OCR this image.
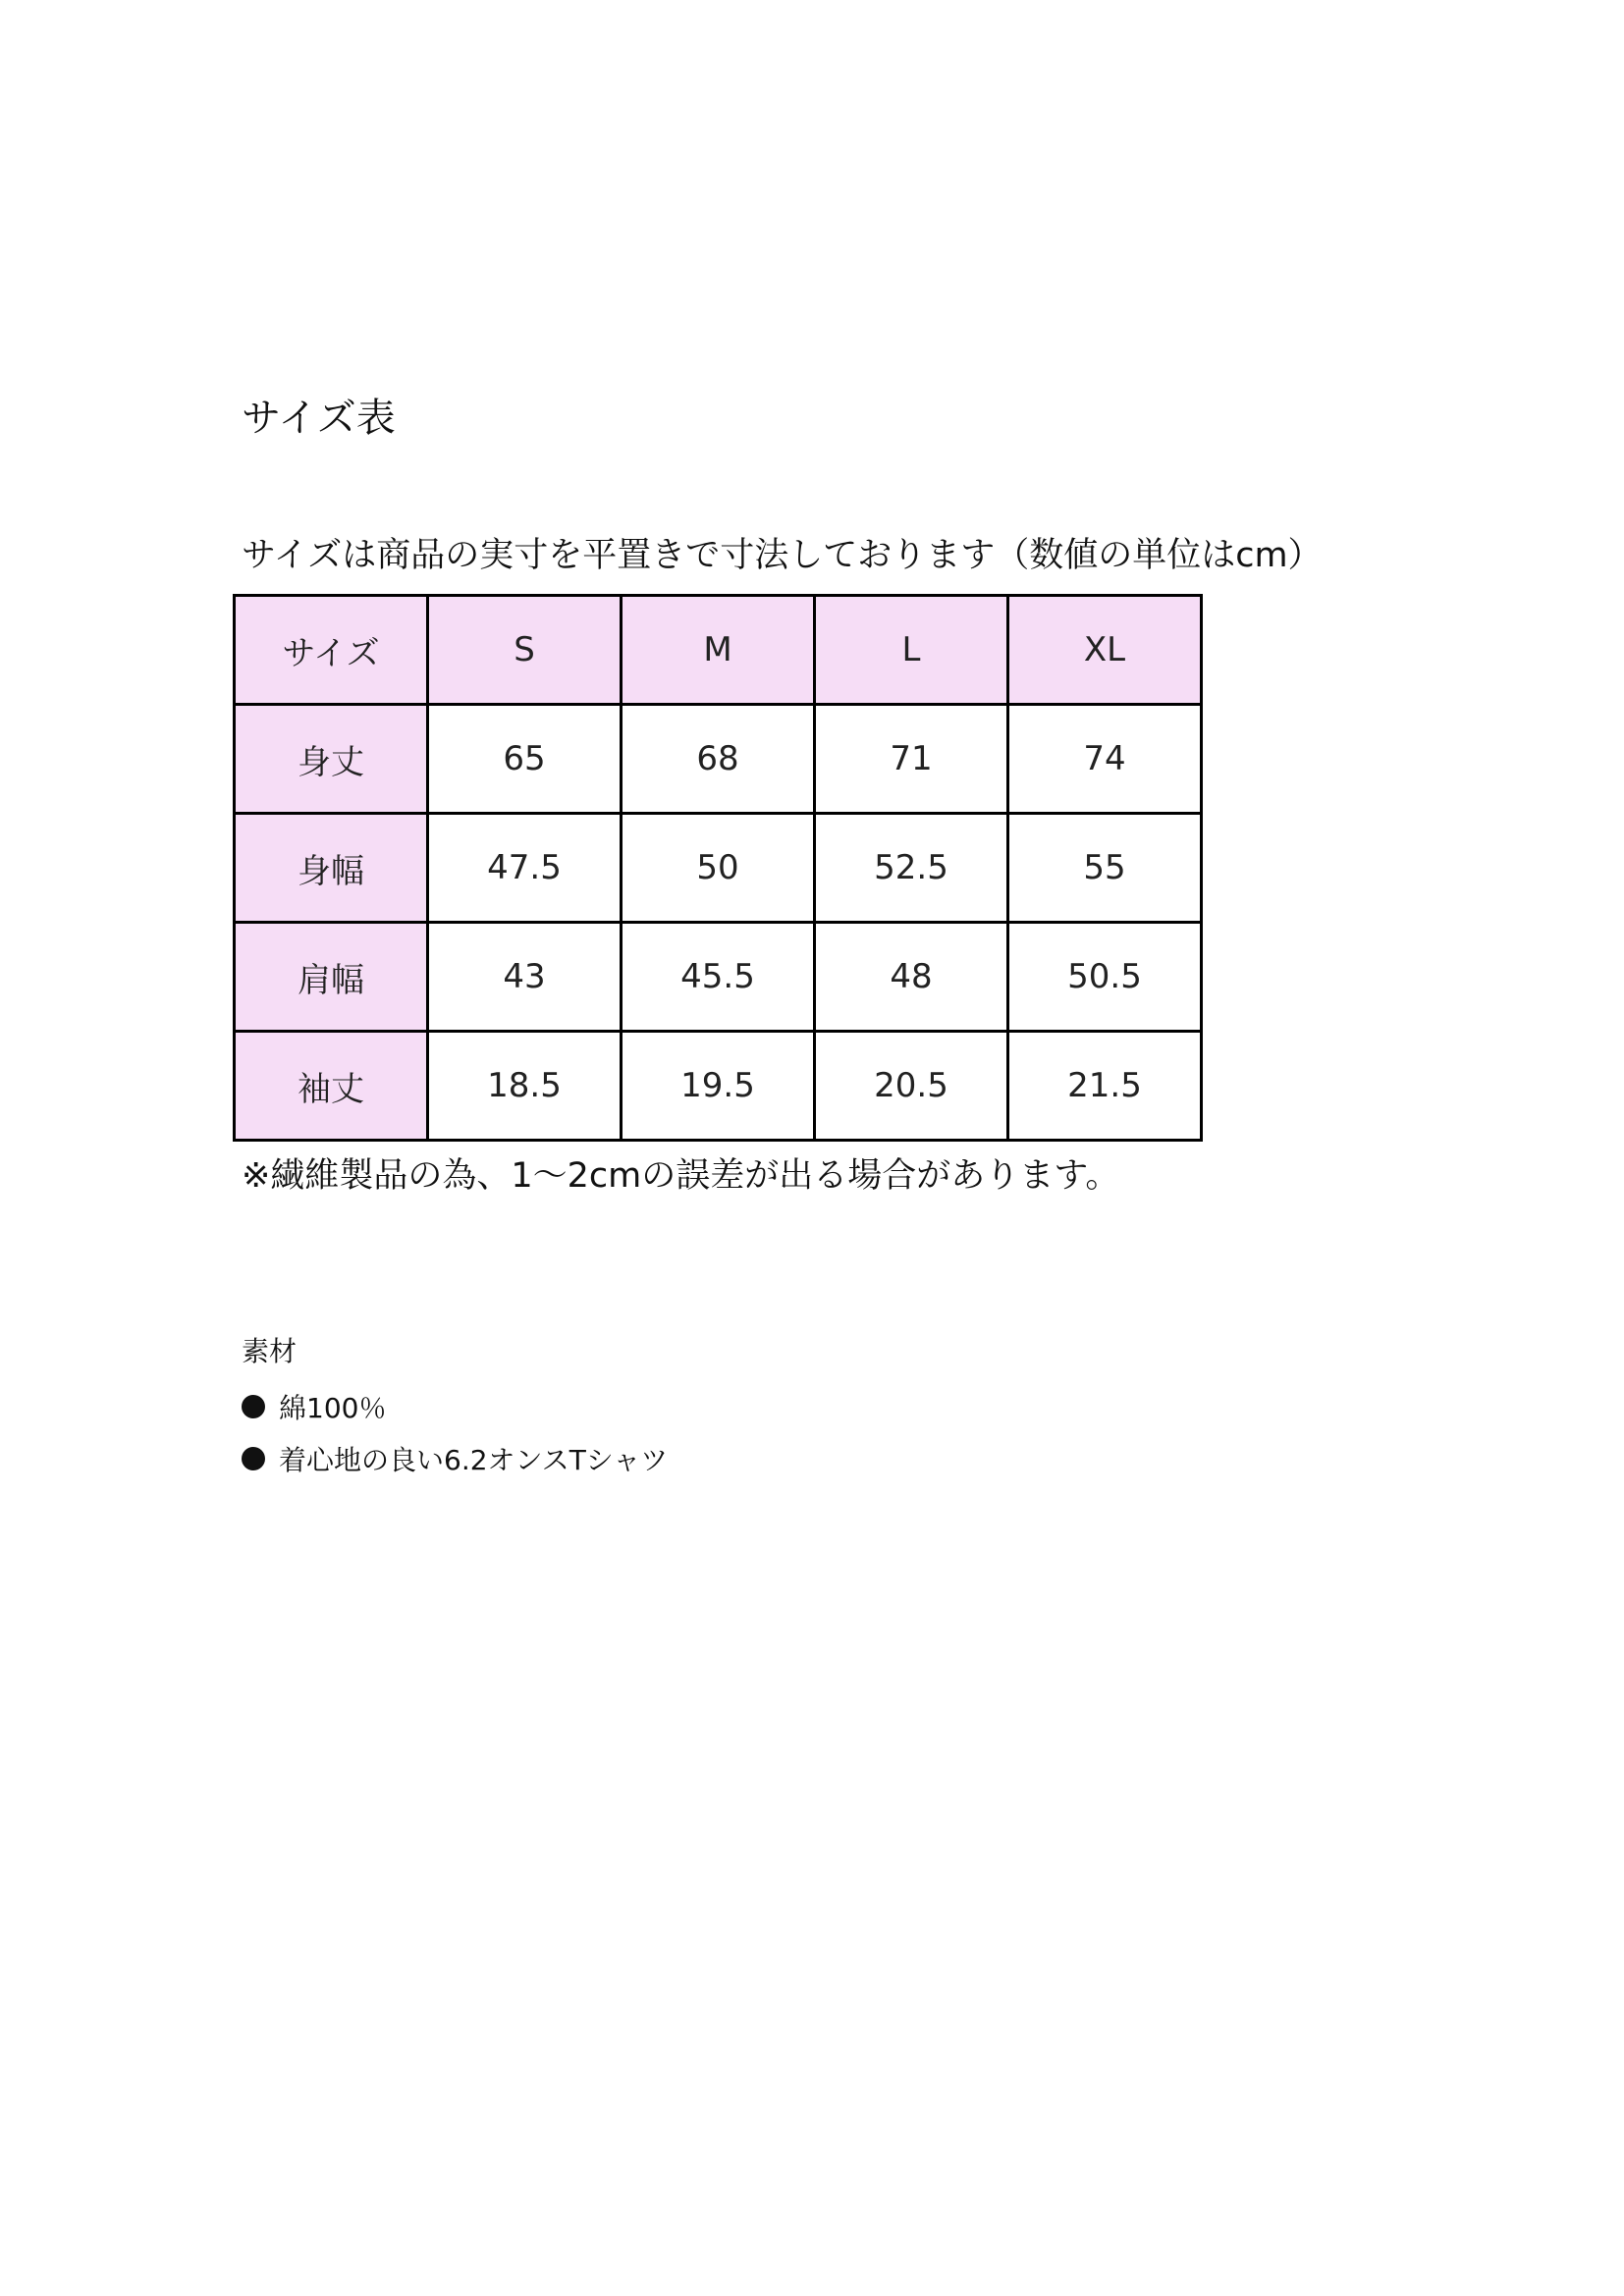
サイズ表
サイズは商品の実寸を平置きで寸法しております（数値の単位はcm）
サイズ	S	M	L	XL
身丈	65	68	71	74
身幅	47.5	50	52.5	55
肩幅	43	45.5	48	50.5
袖丈	18.5	19.5	20.5	21.5
※繊維製品の為、1〜2cmの誤差が出る場合があります。
素材
綿100％
着心地の良い6.2オンスTシャツ
